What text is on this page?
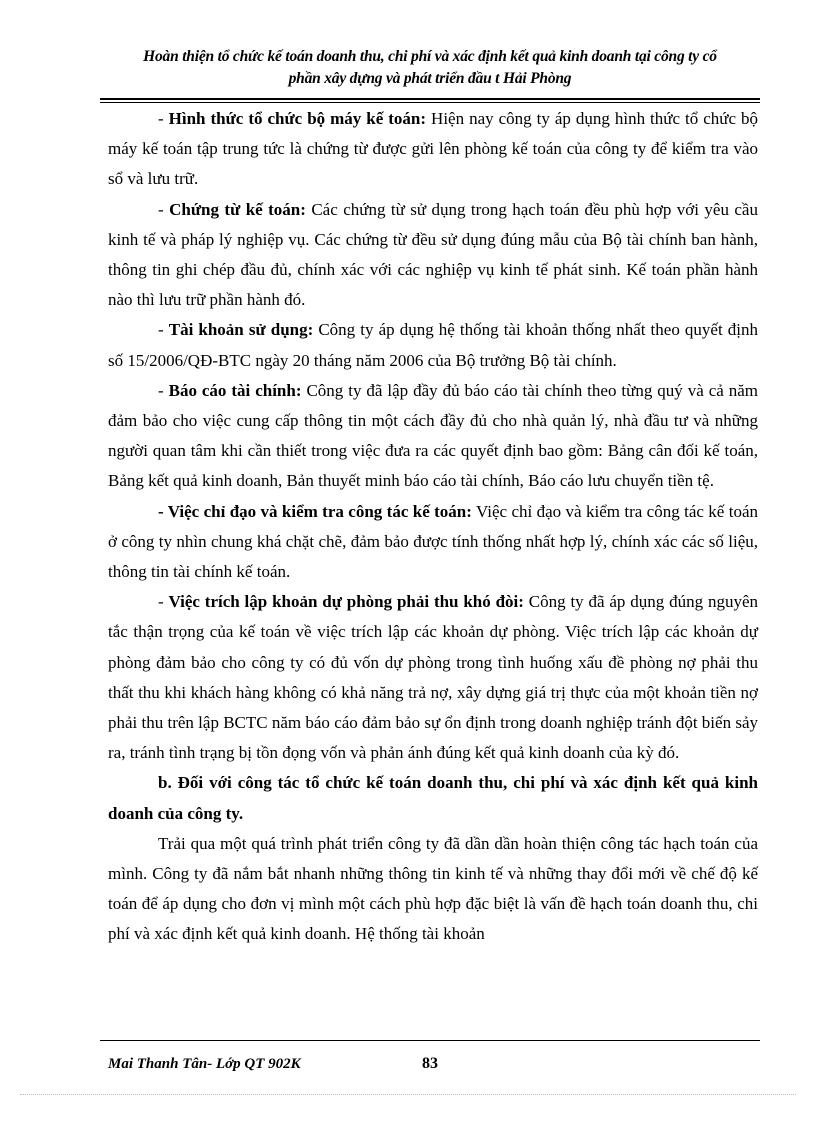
Hoàn thiện tổ chức kế toán doanh thu, chi phí và xác định kết quả kinh doanh tại công ty cổ
phần xây dựng và phát triển đầu t Hải Phòng

- Hình thức tổ chức bộ máy kế toán: Hiện nay công ty áp dụng hình thức tổ chức bộ máy kế toán tập trung tức là chứng từ được gửi lên phòng kế toán của công ty để kiểm tra vào sổ và lưu trữ.

- Chứng từ kế toán: Các chứng từ sử dụng trong hạch toán đều phù hợp với yêu cầu kinh tế và pháp lý nghiệp vụ. Các chứng từ đều sử dụng đúng mẫu của Bộ tài chính ban hành, thông tin ghi chép đầu đủ, chính xác với các nghiệp vụ kinh tế phát sinh. Kế toán phần hành nào thì lưu trữ phần hành đó.

- Tài khoản sử dụng: Công ty áp dụng hệ thống tài khoản thống nhất theo quyết định số 15/2006/QĐ-BTC ngày 20 tháng năm 2006 của Bộ trưởng Bộ tài chính.

- Báo cáo tài chính: Công ty đã lập đầy đủ báo cáo tài chính theo từng quý và cả năm đảm bảo cho việc cung cấp thông tin một cách đầy đủ cho nhà quản lý, nhà đầu tư và những người quan tâm khi cần thiết trong việc đưa ra các quyết định bao gồm: Bảng cân đối kế toán, Bảng kết quả kinh doanh, Bản thuyết minh báo cáo tài chính, Báo cáo lưu chuyển tiền tệ.

- Việc chỉ đạo và kiểm tra công tác kế toán: Việc chỉ đạo và kiểm tra công tác kế toán ở công ty nhìn chung khá chặt chẽ, đảm bảo được tính thống nhất hợp lý, chính xác các số liệu, thông tin tài chính kế toán.

- Việc trích lập khoản dự phòng phải thu khó đòi: Công ty đã áp dụng đúng nguyên tắc thận trọng của kế toán về việc trích lập các khoản dự phòng. Việc trích lập các khoản dự phòng đảm bảo cho công ty có đủ vốn dự phòng trong tình huống xấu đề phòng nợ phải thu thất thu khi khách hàng không có khả năng trả nợ, xây dựng giá trị thực của một khoản tiền nợ phải thu trên lập BCTC năm báo cáo đảm bảo sự ổn định trong doanh nghiệp tránh đột biến sảy ra, tránh tình trạng bị tồn đọng vốn và phản ánh đúng kết quả kinh doanh của kỳ đó.

b. Đối với công tác tổ chức kế toán doanh thu, chi phí và xác định kết quả kinh doanh của công ty.

Trải qua một quá trình phát triển công ty đã dần dần hoàn thiện công tác hạch toán của mình. Công ty đã nắm bắt nhanh những thông tin kinh tế và những thay đổi mới về chế độ kế toán để áp dụng cho đơn vị mình một cách phù hợp đặc biệt là vấn đề hạch toán doanh thu, chi phí và xác định kết quả kinh doanh. Hệ thống tài khoản

Mai Thanh Tân- Lớp QT 902K	83
